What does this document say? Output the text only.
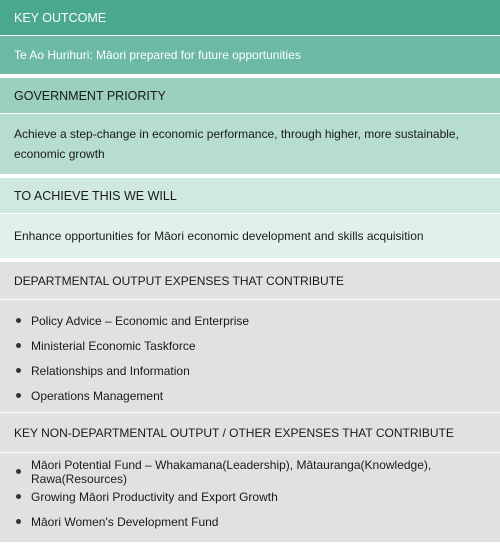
KEY OUTCOME
Te Ao Hurihuri: Māori prepared for future opportunities
GOVERNMENT PRIORITY
Achieve a step-change in economic performance, through higher, more sustainable, economic growth
TO ACHIEVE THIS WE WILL
Enhance opportunities for Māori economic development and skills acquisition
DEPARTMENTAL OUTPUT EXPENSES THAT CONTRIBUTE
Policy Advice – Economic and Enterprise
Ministerial Economic Taskforce
Relationships and Information
Operations Management
KEY NON-DEPARTMENTAL OUTPUT / OTHER EXPENSES THAT CONTRIBUTE
Māori Potential Fund – Whakamana(Leadership), Mātauranga(Knowledge), Rawa(Resources)
Growing Māori Productivity and Export Growth
Māori Women's Development Fund
